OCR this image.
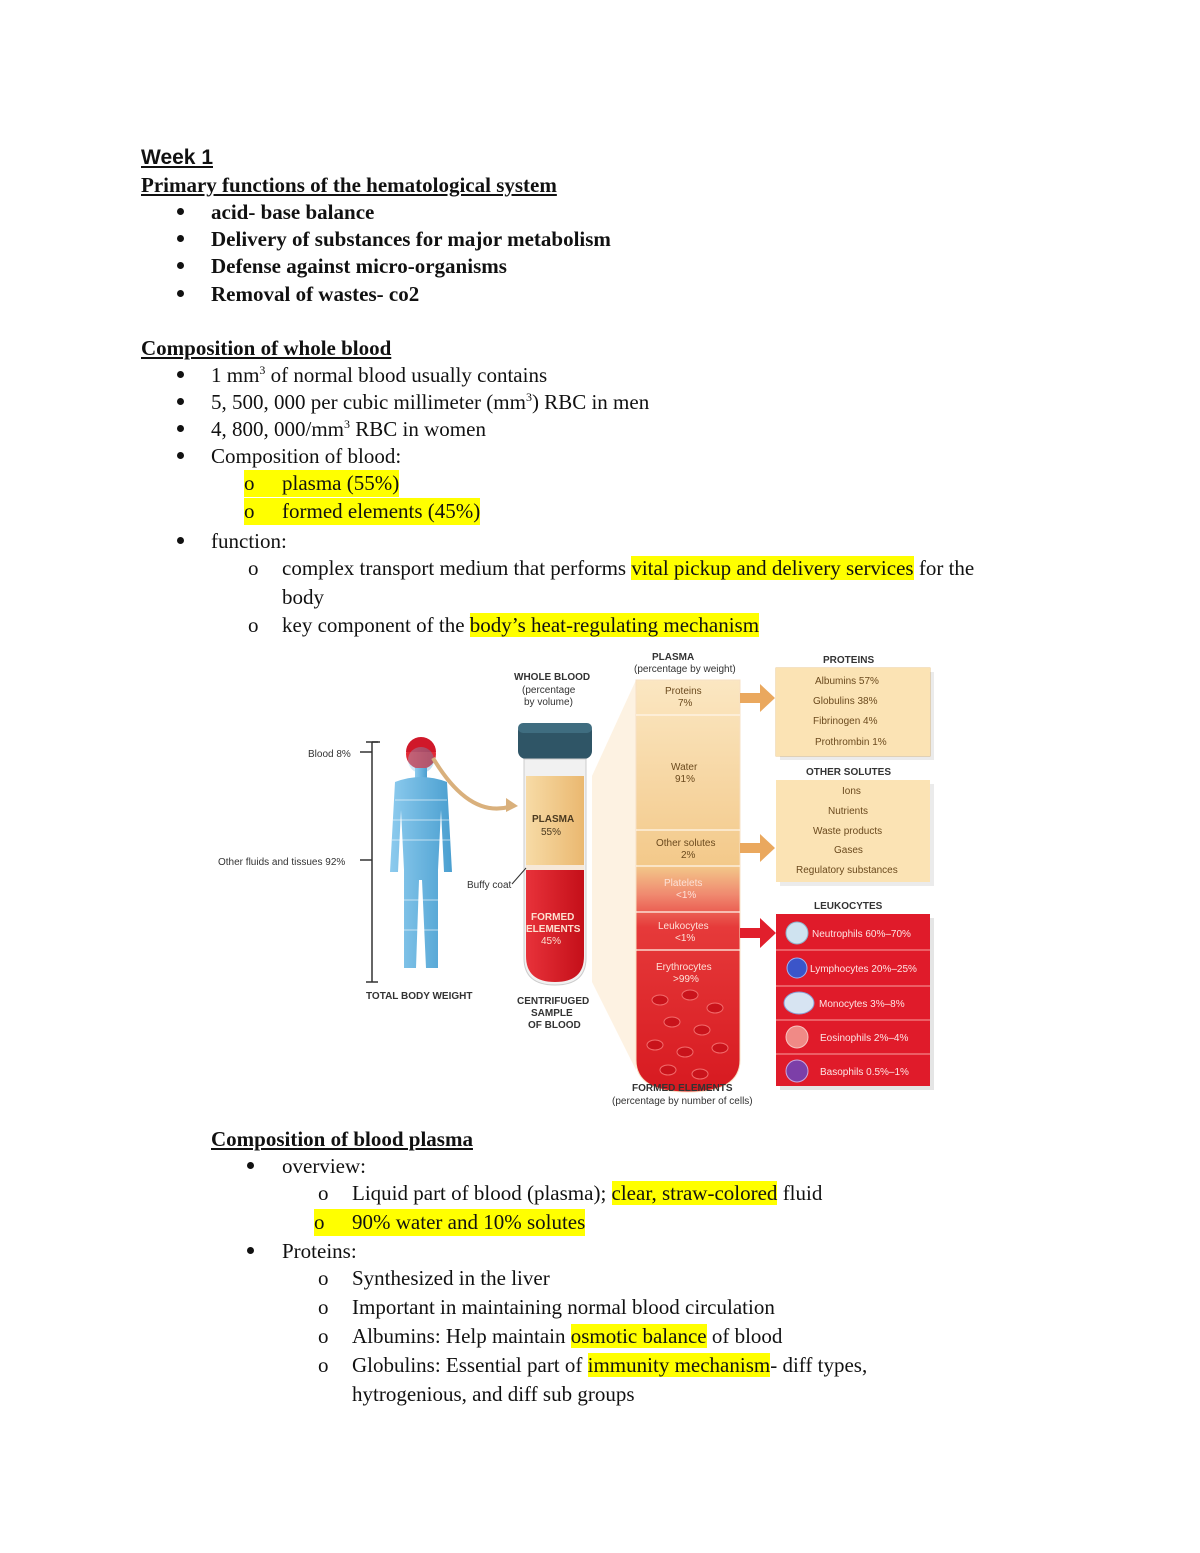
Week 1
Primary functions of the hematological system
acid- base balance
Delivery of substances for major metabolism
Defense against micro-organisms
Removal of wastes- co2
Composition of whole blood
1 $mm^3$ of normal blood usually contains
5, 500, 000 per cubic millimeter $(mm^3)$ RBC in men
4, 800, $000/mm^3$ RBC in women
Composition of blood:
o plasma (55%)
o formed elements (45%)
function:
o complex transport medium that performs vital pickup and delivery services for the
body
o key component of the body’s heat-regulating mechanism
Blood 8%
Other fluids and tissues 92%
TOTAL BODY WEIGHT
WHOLE BLOOD
(percentage
by volume)
PLASMA
55%
Buffy coat
FORMED
ELEMENTS
45%
CENTRIFUGED
SAMPLE
OF BLOOD
PLASMA
(percentage by weight)
Proteins
7%
Water
91%
Other solutes
2%
Platelets
<1%
Leukocytes
<1%
Erythrocytes
>99%
FORMED ELEMENTS
(percentage by number of cells)
PROTEINS
Albumins 57%
Globulins 38%
Fibrinogen 4%
Prothrombin 1%
OTHER SOLUTES
Ions
Nutrients
Waste products
Gases
Regulatory substances
LEUKOCYTES
Neutrophils 60%–70%
Lymphocytes 20%–25%
Monocytes 3%–8%
Eosinophils 2%–4%
Basophils 0.5%–1%
Composition of blood plasma
overview:
o Liquid part of blood (plasma); clear, straw-colored fluid
o 90% water and 10% solutes
Proteins:
o Synthesized in the liver
o Important in maintaining normal blood circulation
o Albumins: Help maintain osmotic balance of blood
o Globulins: Essential part of immunity mechanism- diff types,
hytrogenious, and diff sub groups
